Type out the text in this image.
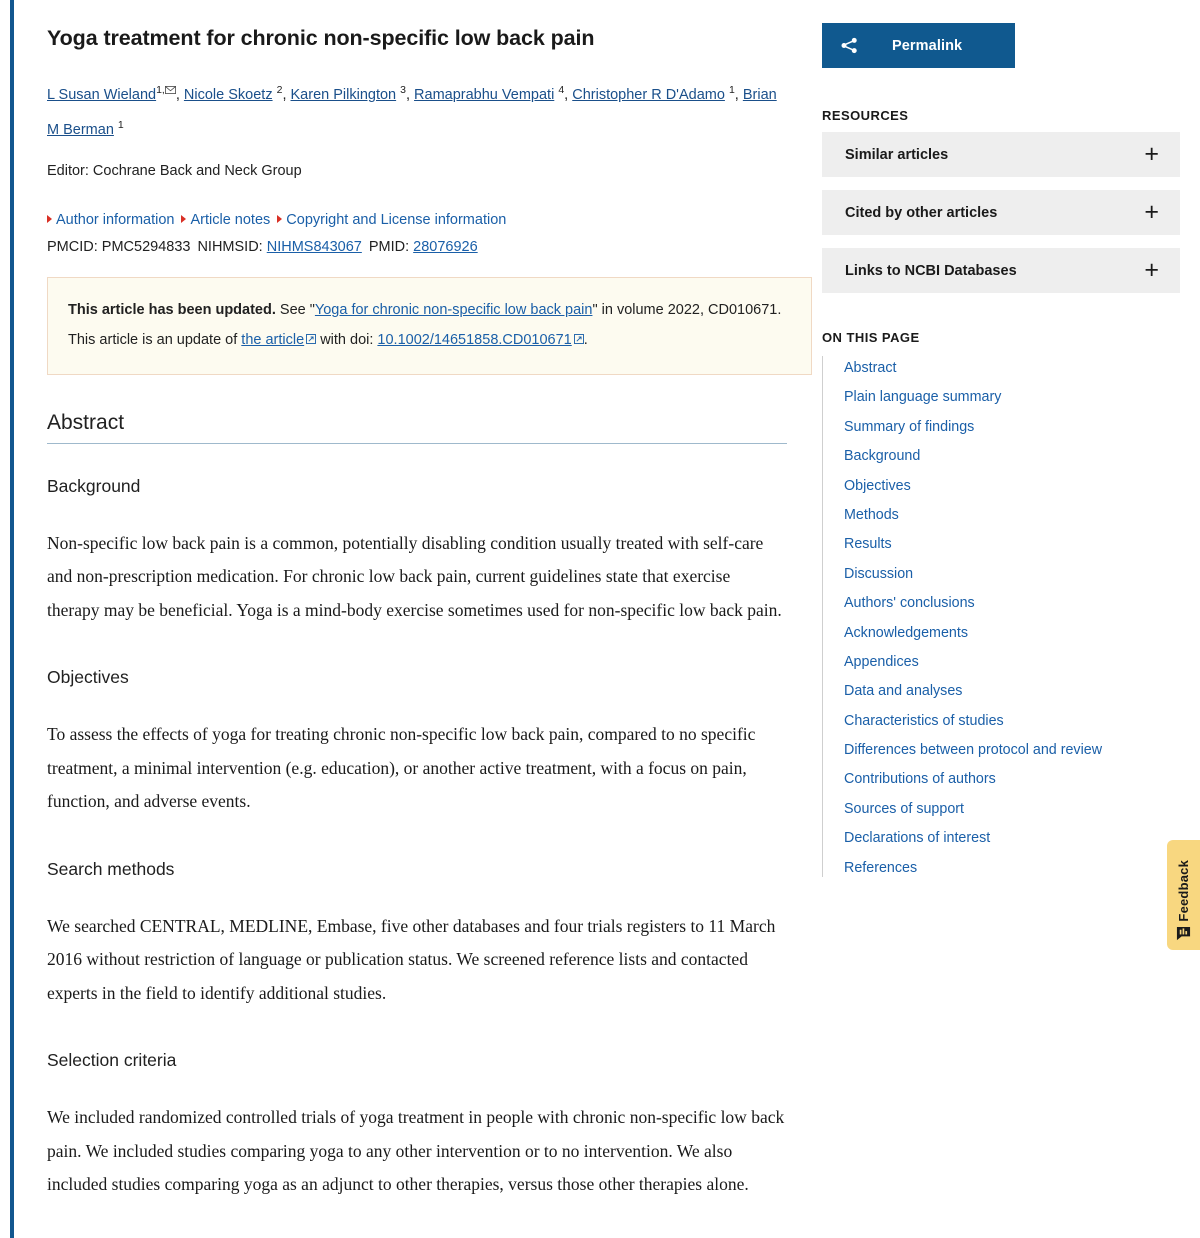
Yoga treatment for chronic non-specific low back pain
L Susan Wieland$^{1,}$ , Nicole Skoetz $^2$, Karen Pilkington $^3$, Ramaprabhu Vempati $^4$, Christopher R D'Adamo $^1$, Brian M Berman $^1$
Editor: Cochrane Back and Neck Group
Author information Article notes Copyright and License information
PMCID: PMC5294833 NIHMSID: NIHMS843067 PMID: 28076926

This article has been updated. See "Yoga for chronic non-specific low back pain" in volume 2022, CD010671.

This article is an update of the article
with doi: 10.1002/14651858.CD010671 .

Abstract
Background

Non-specific low back pain is a common, potentially disabling condition usually treated with self-care and non-prescription medication. For chronic low back pain, current guidelines state that exercise therapy may be beneficial. Yoga is a mind-body exercise sometimes used for non-specific low back pain.

Objectives

To assess the effects of yoga for treating chronic non-specific low back pain, compared to no specific treatment, a minimal intervention (e.g. education), or another active treatment, with a focus on pain, function, and adverse events.

Search methods

We searched CENTRAL, MEDLINE, Embase, five other databases and four trials registers to 11 March 2016 without restriction of language or publication status. We screened reference lists and contacted experts in the field to identify additional studies.

Selection criteria

We included randomized controlled trials of yoga treatment in people with chronic non-specific low back pain. We included studies comparing yoga to any other intervention or to no intervention. We also included studies comparing yoga as an adjunct to other therapies, versus those other therapies alone.

Permalink
RESOURCES
Similar articles	+
Cited by other articles	+
Links to NCBI Databases	+
ON THIS PAGE
Abstract
Plain language summary
Summary of findings
Background
Objectives
Methods
Results
Discussion
Authors' conclusions
Acknowledgements
Appendices
Data and analyses
Characteristics of studies
Differences between protocol and review
Contributions of authors
Sources of support
Declarations of interest
References	Feedback
